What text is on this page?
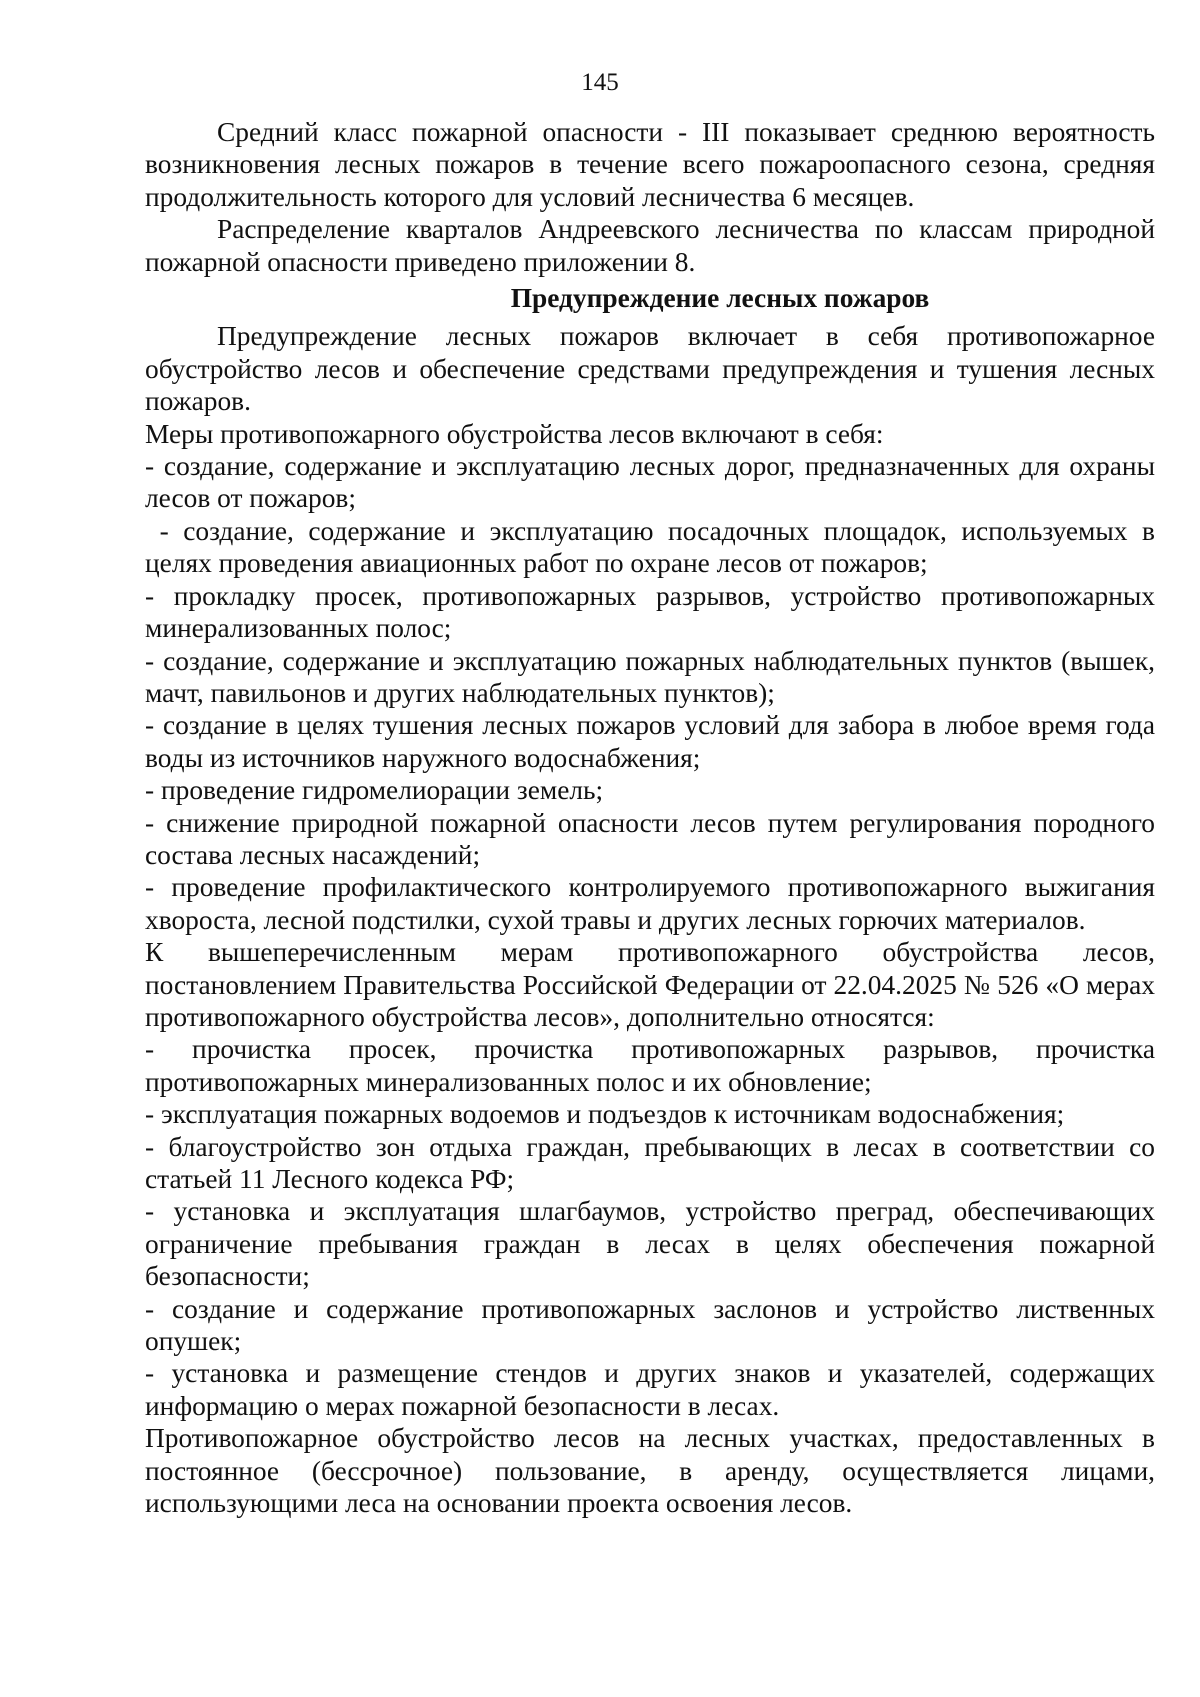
145

Средний класс пожарной опасности - III показывает среднюю вероятность возникновения лесных пожаров в течение всего пожароопасного сезона, средняя продолжительность которого для условий лесничества 6 месяцев.

Распределение кварталов Андреевского лесничества по классам природной пожарной опасности приведено приложении 8.

Предупреждение лесных пожаров

Предупреждение лесных пожаров включает в себя противопожарное обустройство лесов и обеспечение средствами предупреждения и тушения лесных пожаров.

Меры противопожарного обустройства лесов включают в себя:

- создание, содержание и эксплуатацию лесных дорог, предназначенных для охраны лесов от пожаров;

- создание, содержание и эксплуатацию посадочных площадок, используемых в целях проведения авиационных работ по охране лесов от пожаров;

- прокладку просек, противопожарных разрывов, устройство противопожарных минерализованных полос;

- создание, содержание и эксплуатацию пожарных наблюдательных пунктов (вышек, мачт, павильонов и других наблюдательных пунктов);

- создание в целях тушения лесных пожаров условий для забора в любое время года воды из источников наружного водоснабжения;

- проведение гидромелиорации земель;

- снижение природной пожарной опасности лесов путем регулирования породного состава лесных насаждений;

- проведение профилактического контролируемого противопожарного выжигания хвороста, лесной подстилки, сухой травы и других лесных горючих материалов.

К вышеперечисленным мерам противопожарного обустройства лесов, постановлением Правительства Российской Федерации от 22.04.2025 № 526 «О мерах противопожарного обустройства лесов», дополнительно относятся:

- прочистка просек, прочистка противопожарных разрывов, прочистка противопожарных минерализованных полос и их обновление;

- эксплуатация пожарных водоемов и подъездов к источникам водоснабжения;

- благоустройство зон отдыха граждан, пребывающих в лесах в соответствии со статьей 11 Лесного кодекса РФ;

- установка и эксплуатация шлагбаумов, устройство преград, обеспечивающих ограничение пребывания граждан в лесах в целях обеспечения пожарной безопасности;

- создание и содержание противопожарных заслонов и устройство лиственных опушек;

- установка и размещение стендов и других знаков и указателей, содержащих информацию о мерах пожарной безопасности в лесах.

Противопожарное обустройство лесов на лесных участках, предоставленных в постоянное (бессрочное) пользование, в аренду, осуществляется лицами, использующими леса на основании проекта освоения лесов.
